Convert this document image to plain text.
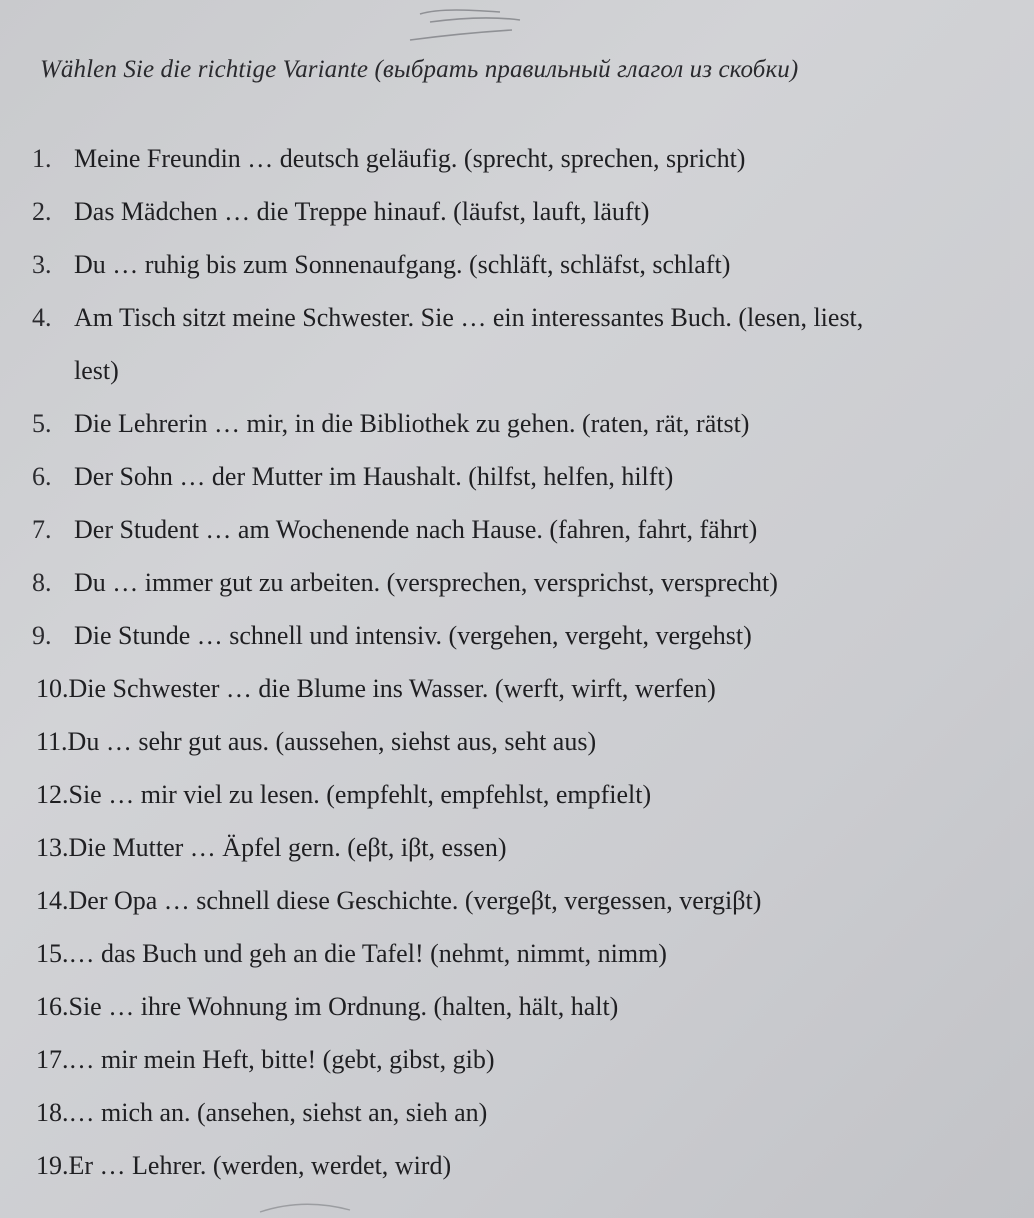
Wählen Sie die richtige Variante (выбрать правильный глагол из скобки)
1. Meine Freundin … deutsch geläufig. (sprecht, sprechen, spricht)
2. Das Mädchen … die Treppe hinauf. (läufst, lauft, läuft)
3. Du … ruhig bis zum Sonnenaufgang. (schläft, schläfst, schlaft)
4. Am Tisch sitzt meine Schwester. Sie … ein interessantes Buch. (lesen, liest,
lest)
5. Die Lehrerin … mir, in die Bibliothek zu gehen. (raten, rät, rätst)
6. Der Sohn … der Mutter im Haushalt. (hilfst, helfen, hilft)
7. Der Student … am Wochenende nach Hause. (fahren, fahrt, fährt)
8. Du … immer gut zu arbeiten. (versprechen, versprichst, versprecht)
9. Die Stunde … schnell und intensiv. (vergehen, vergeht, vergehst)
10.Die Schwester … die Blume ins Wasser. (werft, wirft, werfen)
11.Du … sehr gut aus. (aussehen, siehst aus, seht aus)
12.Sie … mir viel zu lesen. (empfehlt, empfehlst, empfielt)
13.Die Mutter … Äpfel gern. (eβt, iβt, essen)
14.Der Opa … schnell diese Geschichte. (vergeβt, vergessen, vergiβt)
15.… das Buch und geh an die Tafel! (nehmt, nimmt, nimm)
16.Sie … ihre Wohnung im Ordnung. (halten, hält, halt)
17.… mir mein Heft, bitte! (gebt, gibst, gib)
18.… mich an. (ansehen, siehst an, sieh an)
19.Er … Lehrer. (werden, werdet, wird)
